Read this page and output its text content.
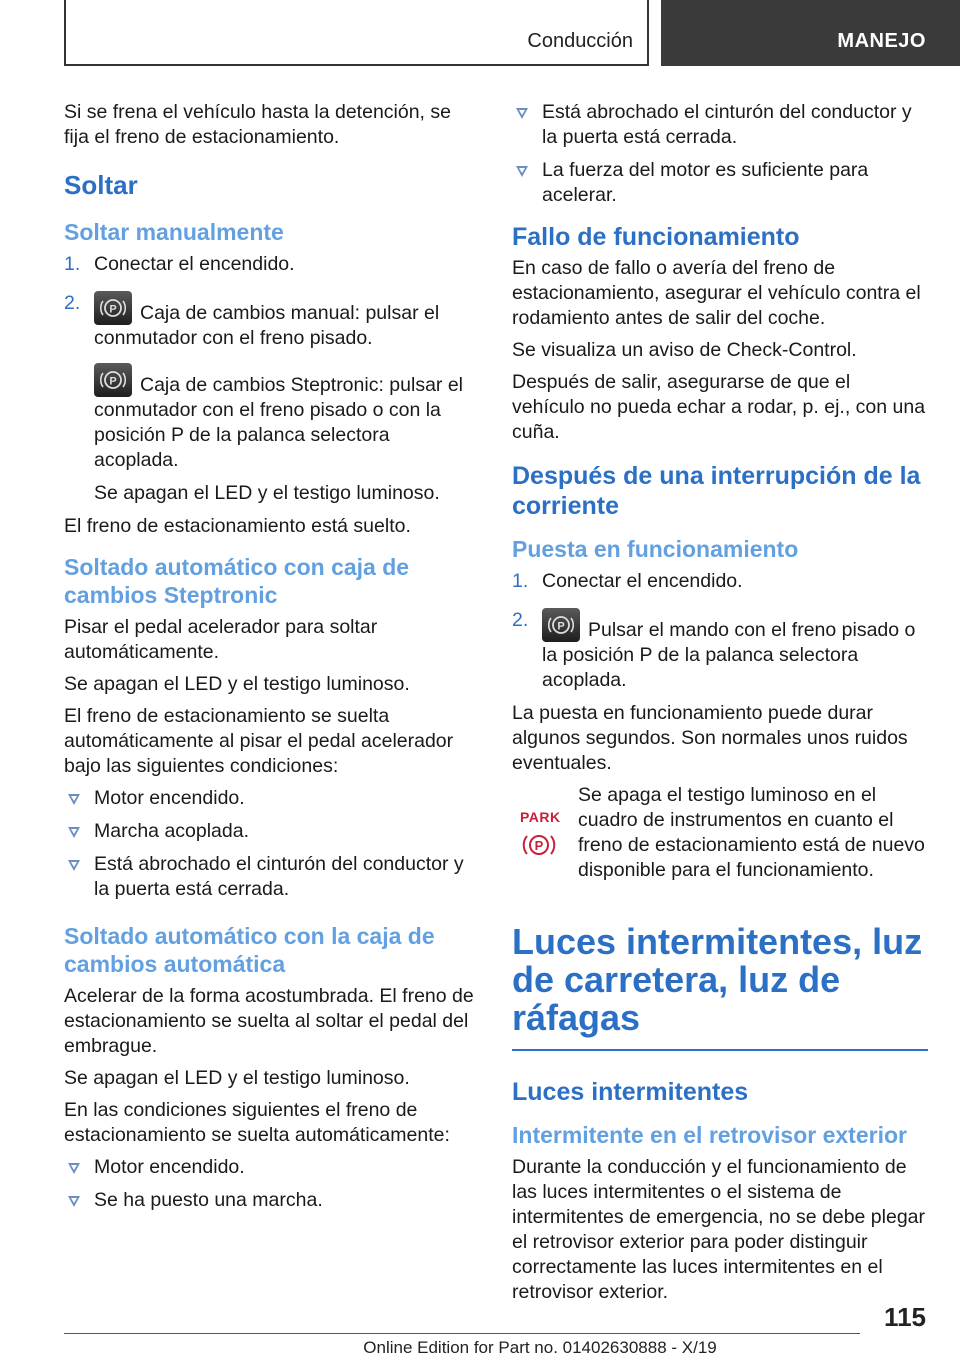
Conducción	MANEJO

Si se frena el vehículo hasta la detención, se fija el freno de estacionamiento.

Soltar
Soltar manualmente
1. Conectar el encendido.
2.	P Caja de cambios manual: pulsar el conmutador con el freno pisado.

P Caja de cambios Steptronic: pulsar el conmutador con el freno pisado o con la posición P de la palanca selectora acoplada.

Se apagan el LED y el testigo luminoso.

El freno de estacionamiento está suelto.

Soltado automático con caja de cambios Steptronic

Pisar el pedal acelerador para soltar automáticamente.

Se apagan el LED y el testigo luminoso.

El freno de estacionamiento se suelta automáticamente al pisar el pedal acelerador bajo las siguientes condiciones:

Motor encendido.
Marcha acoplada.
Está abrochado el cinturón del conductor y la puerta está cerrada.
Soltado automático con la caja de cambios automática

Acelerar de la forma acostumbrada. El freno de estacionamiento se suelta al soltar el pedal del embrague.

Se apagan el LED y el testigo luminoso.

En las condiciones siguientes el freno de estacionamiento se suelta automáticamente:

Motor encendido.
Se ha puesto una marcha.
Está abrochado el cinturón del conductor y la puerta está cerrada.
La fuerza del motor es suficiente para acelerar.
Fallo de funcionamiento

En caso de fallo o avería del freno de estacionamiento, asegurar el vehículo contra el rodamiento antes de salir del coche.

Se visualiza un aviso de Check-Control.

Después de salir, asegurarse de que el vehículo no pueda echar a rodar, p. ej., con una cuña.

Después de una interrupción de la corriente
Puesta en funcionamiento
1. Conectar el encendido.
2.	P Pulsar el mando con el freno pisado o la posición P de la palanca selectora acoplada.

La puesta en funcionamiento puede durar algunos segundos. Son normales unos ruidos eventuales.

PARK
P
Se apaga el testigo luminoso en el cuadro de instrumentos en cuanto el freno de estacionamiento está de nuevo disponible para el funcionamiento.
Luces intermitentes, luz de carretera, luz de ráfagas
Luces intermitentes
Intermitente en el retrovisor exterior

Durante la conducción y el funcionamiento de las luces intermitentes o el sistema de intermitentes de emergencia, no se debe plegar el retrovisor exterior para poder distinguir correctamente las luces intermitentes en el retrovisor exterior.

115
Online Edition for Part no. 01402630888 - X/19
